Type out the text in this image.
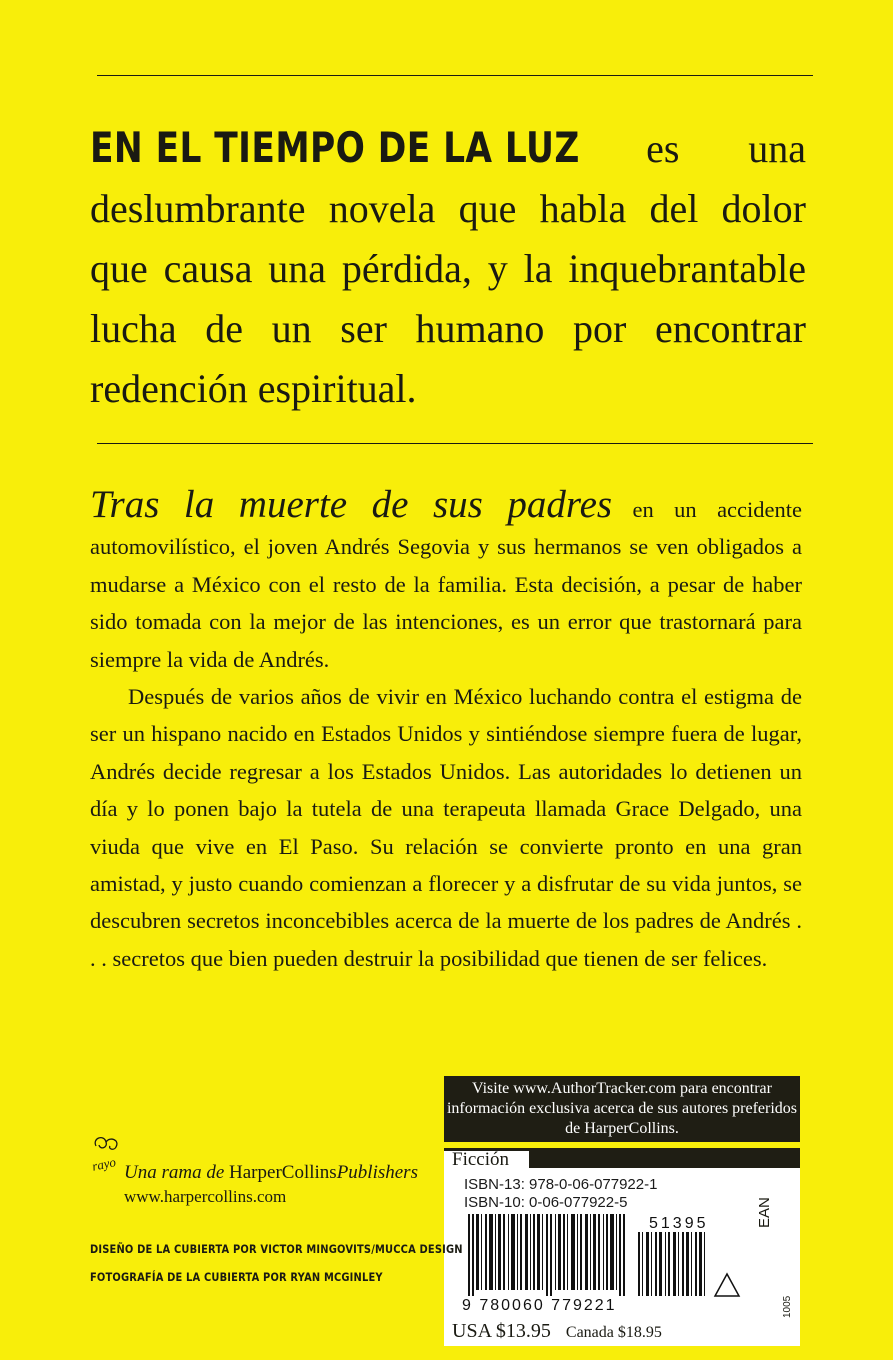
EN EL TIEMPO DE LA LUZ es una deslumbrante novela que habla del dolor que causa una pérdida, y la inquebrantable lucha de un ser humano por encontrar redención espiritual.

Tras la muerte de sus padres en un accidente automovilístico, el joven Andrés Segovia y sus hermanos se ven obligados a mudarse a México con el resto de la familia. Esta decisión, a pesar de haber sido tomada con la mejor de las intenciones, es un error que trastornará para siempre la vida de Andrés.

Después de varios años de vivir en México luchando contra el estigma de ser un hispano nacido en Estados Unidos y sintiéndose siempre fuera de lugar, Andrés decide regresar a los Estados Unidos. Las autoridades lo detienen un día y lo ponen bajo la tutela de una terapeuta llamada Grace Delgado, una viuda que vive en El Paso. Su relación se convierte pronto en una gran amistad, y justo cuando comienzan a florecer y a disfrutar de su vida juntos, se descubren secretos inconcebibles acerca de la muerte de los padres de Andrés . . . secretos que bien pueden destruir la posibilidad que tienen de ser felices.

Visite www.AuthorTracker.com para encontrar información exclusiva acerca de sus autores preferidos de HarperCollins.
Ficción
ISBN-13: 978-0-06-077922-1
ISBN-10: 0-06-077922-5
51395
9 780060 779221
EAN
USA $13.95 Canada $18.95
1005
rayo Una rama de HarperCollinsPublishers
www.harpercollins.com
DISEÑO DE LA CUBIERTA POR VICTOR MINGOVITS/MUCCA DESIGN
FOTOGRAFÍA DE LA CUBIERTA POR RYAN MCGINLEY
